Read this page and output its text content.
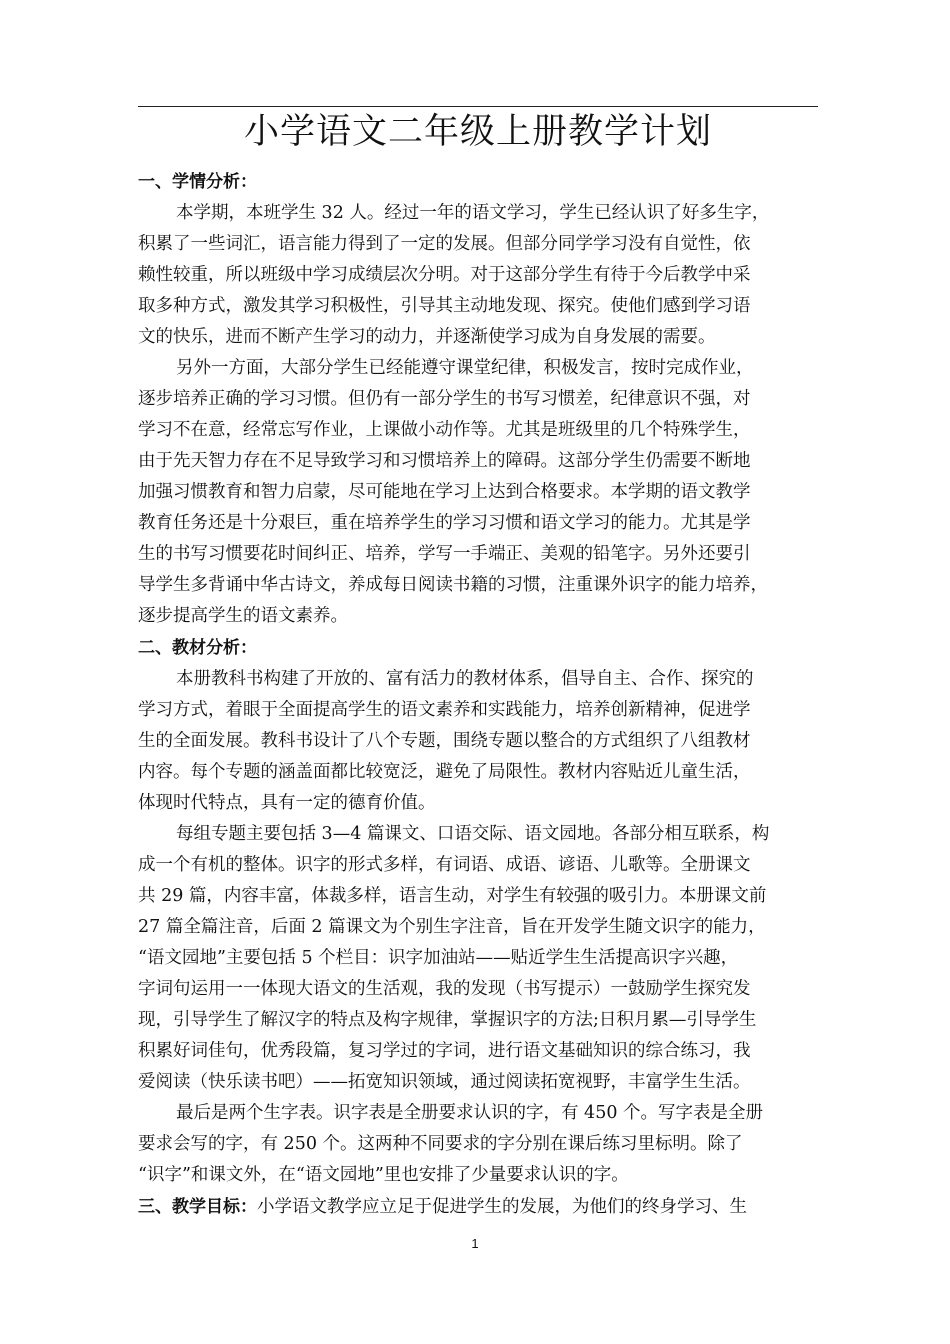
小学语文二年级上册教学计划
一、学情分析：
本学期，本班学生 32 人。经过一年的语文学习，学生已经认识了好多生字，
积累了一些词汇，语言能力得到了一定的发展。但部分同学学习没有自觉性，依
赖性较重，所以班级中学习成绩层次分明。对于这部分学生有待于今后教学中采
取多种方式，激发其学习积极性，引导其主动地发现、探究。使他们感到学习语
文的快乐，进而不断产生学习的动力，并逐渐使学习成为自身发展的需要。
另外一方面，大部分学生已经能遵守课堂纪律，积极发言，按时完成作业，
逐步培养正确的学习习惯。但仍有一部分学生的书写习惯差，纪律意识不强，对
学习不在意，经常忘写作业，上课做小动作等。尤其是班级里的几个特殊学生，
由于先天智力存在不足导致学习和习惯培养上的障碍。这部分学生仍需要不断地
加强习惯教育和智力启蒙，尽可能地在学习上达到合格要求。本学期的语文教学
教育任务还是十分艰巨，重在培养学生的学习习惯和语文学习的能力。尤其是学
生的书写习惯要花时间纠正、培养，学写一手端正、美观的铅笔字。另外还要引
导学生多背诵中华古诗文，养成每日阅读书籍的习惯，注重课外识字的能力培养，
逐步提高学生的语文素养。
二、教材分析：
本册教科书构建了开放的、富有活力的教材体系，倡导自主、合作、探究的
学习方式，着眼于全面提高学生的语文素养和实践能力，培养创新精神，促进学
生的全面发展。教科书设计了八个专题，围绕专题以整合的方式组织了八组教材
内容。每个专题的涵盖面都比较宽泛，避免了局限性。教材内容贴近儿童生活，
体现时代特点，具有一定的德育价值。
每组专题主要包括 3—4 篇课文、口语交际、语文园地。各部分相互联系，构
成一个有机的整体。识字的形式多样，有词语、成语、谚语、儿歌等。全册课文
共 29 篇，内容丰富，体裁多样，语言生动，对学生有较强的吸引力。本册课文前
27 篇全篇注音，后面 2 篇课文为个别生字注音，旨在开发学生随文识字的能力，
“语文园地”主要包括 5 个栏目：识字加油站——贴近学生生活提高识字兴趣，
字词句运用一一体现大语文的生活观，我的发现（书写提示）一鼓励学生探究发
现，引导学生了解汉字的特点及构字规律，掌握识字的方法;日积月累—引导学生
积累好词佳句，优秀段篇，复习学过的字词，进行语文基础知识的综合练习，我
爱阅读（快乐读书吧）——拓宽知识领域，通过阅读拓宽视野，丰富学生生活。
最后是两个生字表。识字表是全册要求认识的字，有 450 个。写字表是全册
要求会写的字，有 250 个。这两种不同要求的字分别在课后练习里标明。除了
“识字”和课文外，在“语文园地”里也安排了少量要求认识的字。
三、教学目标：小学语文教学应立足于促进学生的发展，为他们的终身学习、生
1
